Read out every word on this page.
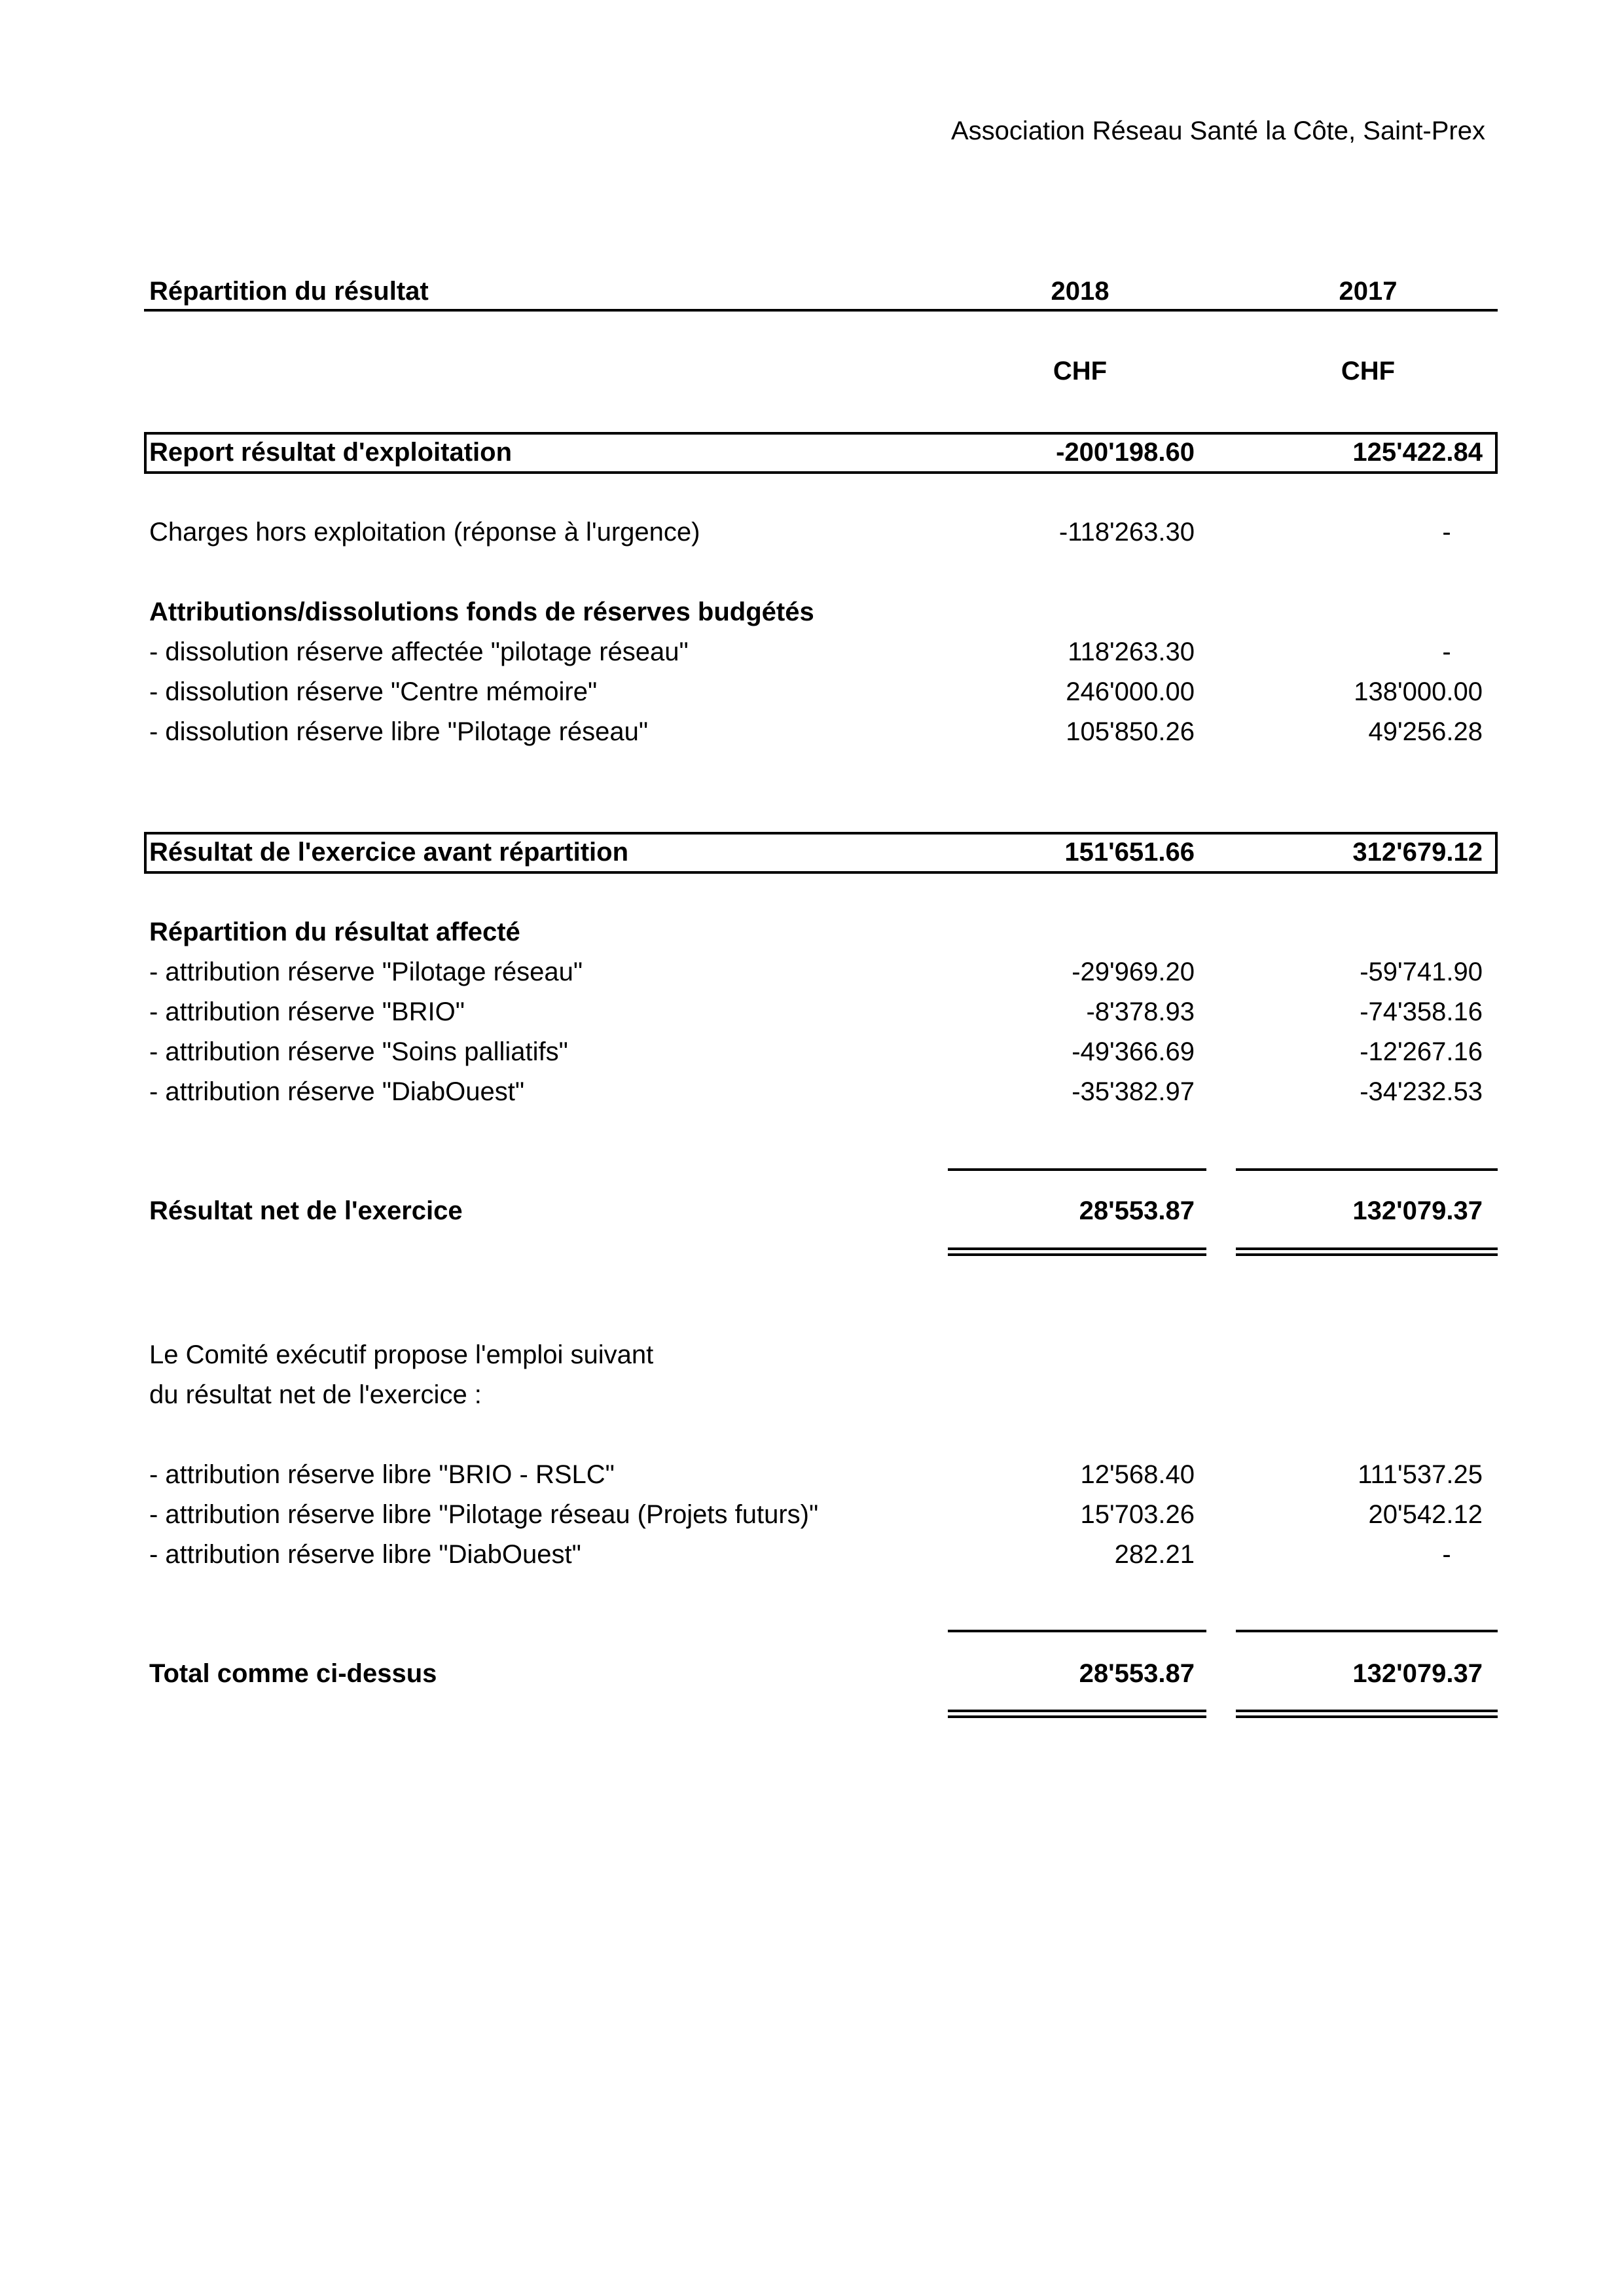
Association Réseau Santé la Côte, Saint-Prex
Répartition du résultat	2018	2017
CHF	CHF
Report résultat d'exploitation	-200'198.60	125'422.84
Charges hors exploitation (réponse à l'urgence)	-118'263.30	-
Attributions/dissolutions fonds de réserves budgétés
- dissolution réserve affectée "pilotage réseau"	118'263.30	-
- dissolution réserve "Centre mémoire"	246'000.00	138'000.00
- dissolution réserve libre "Pilotage réseau"	105'850.26	49'256.28
Résultat de l'exercice avant répartition	151'651.66	312'679.12
Répartition du résultat affecté
- attribution réserve "Pilotage réseau"	-29'969.20	-59'741.90
- attribution réserve "BRIO"	-8'378.93	-74'358.16
- attribution réserve "Soins palliatifs"	-49'366.69	-12'267.16
- attribution réserve "DiabOuest"	-35'382.97	-34'232.53
Résultat net de l'exercice	28'553.87	132'079.37
Le Comité exécutif propose l'emploi suivant
du résultat net de l'exercice :
- attribution réserve libre "BRIO - RSLC"	12'568.40	111'537.25
- attribution réserve libre "Pilotage réseau (Projets futurs)"	15'703.26	20'542.12
- attribution réserve libre "DiabOuest"	282.21	-
Total comme ci-dessus	28'553.87	132'079.37
